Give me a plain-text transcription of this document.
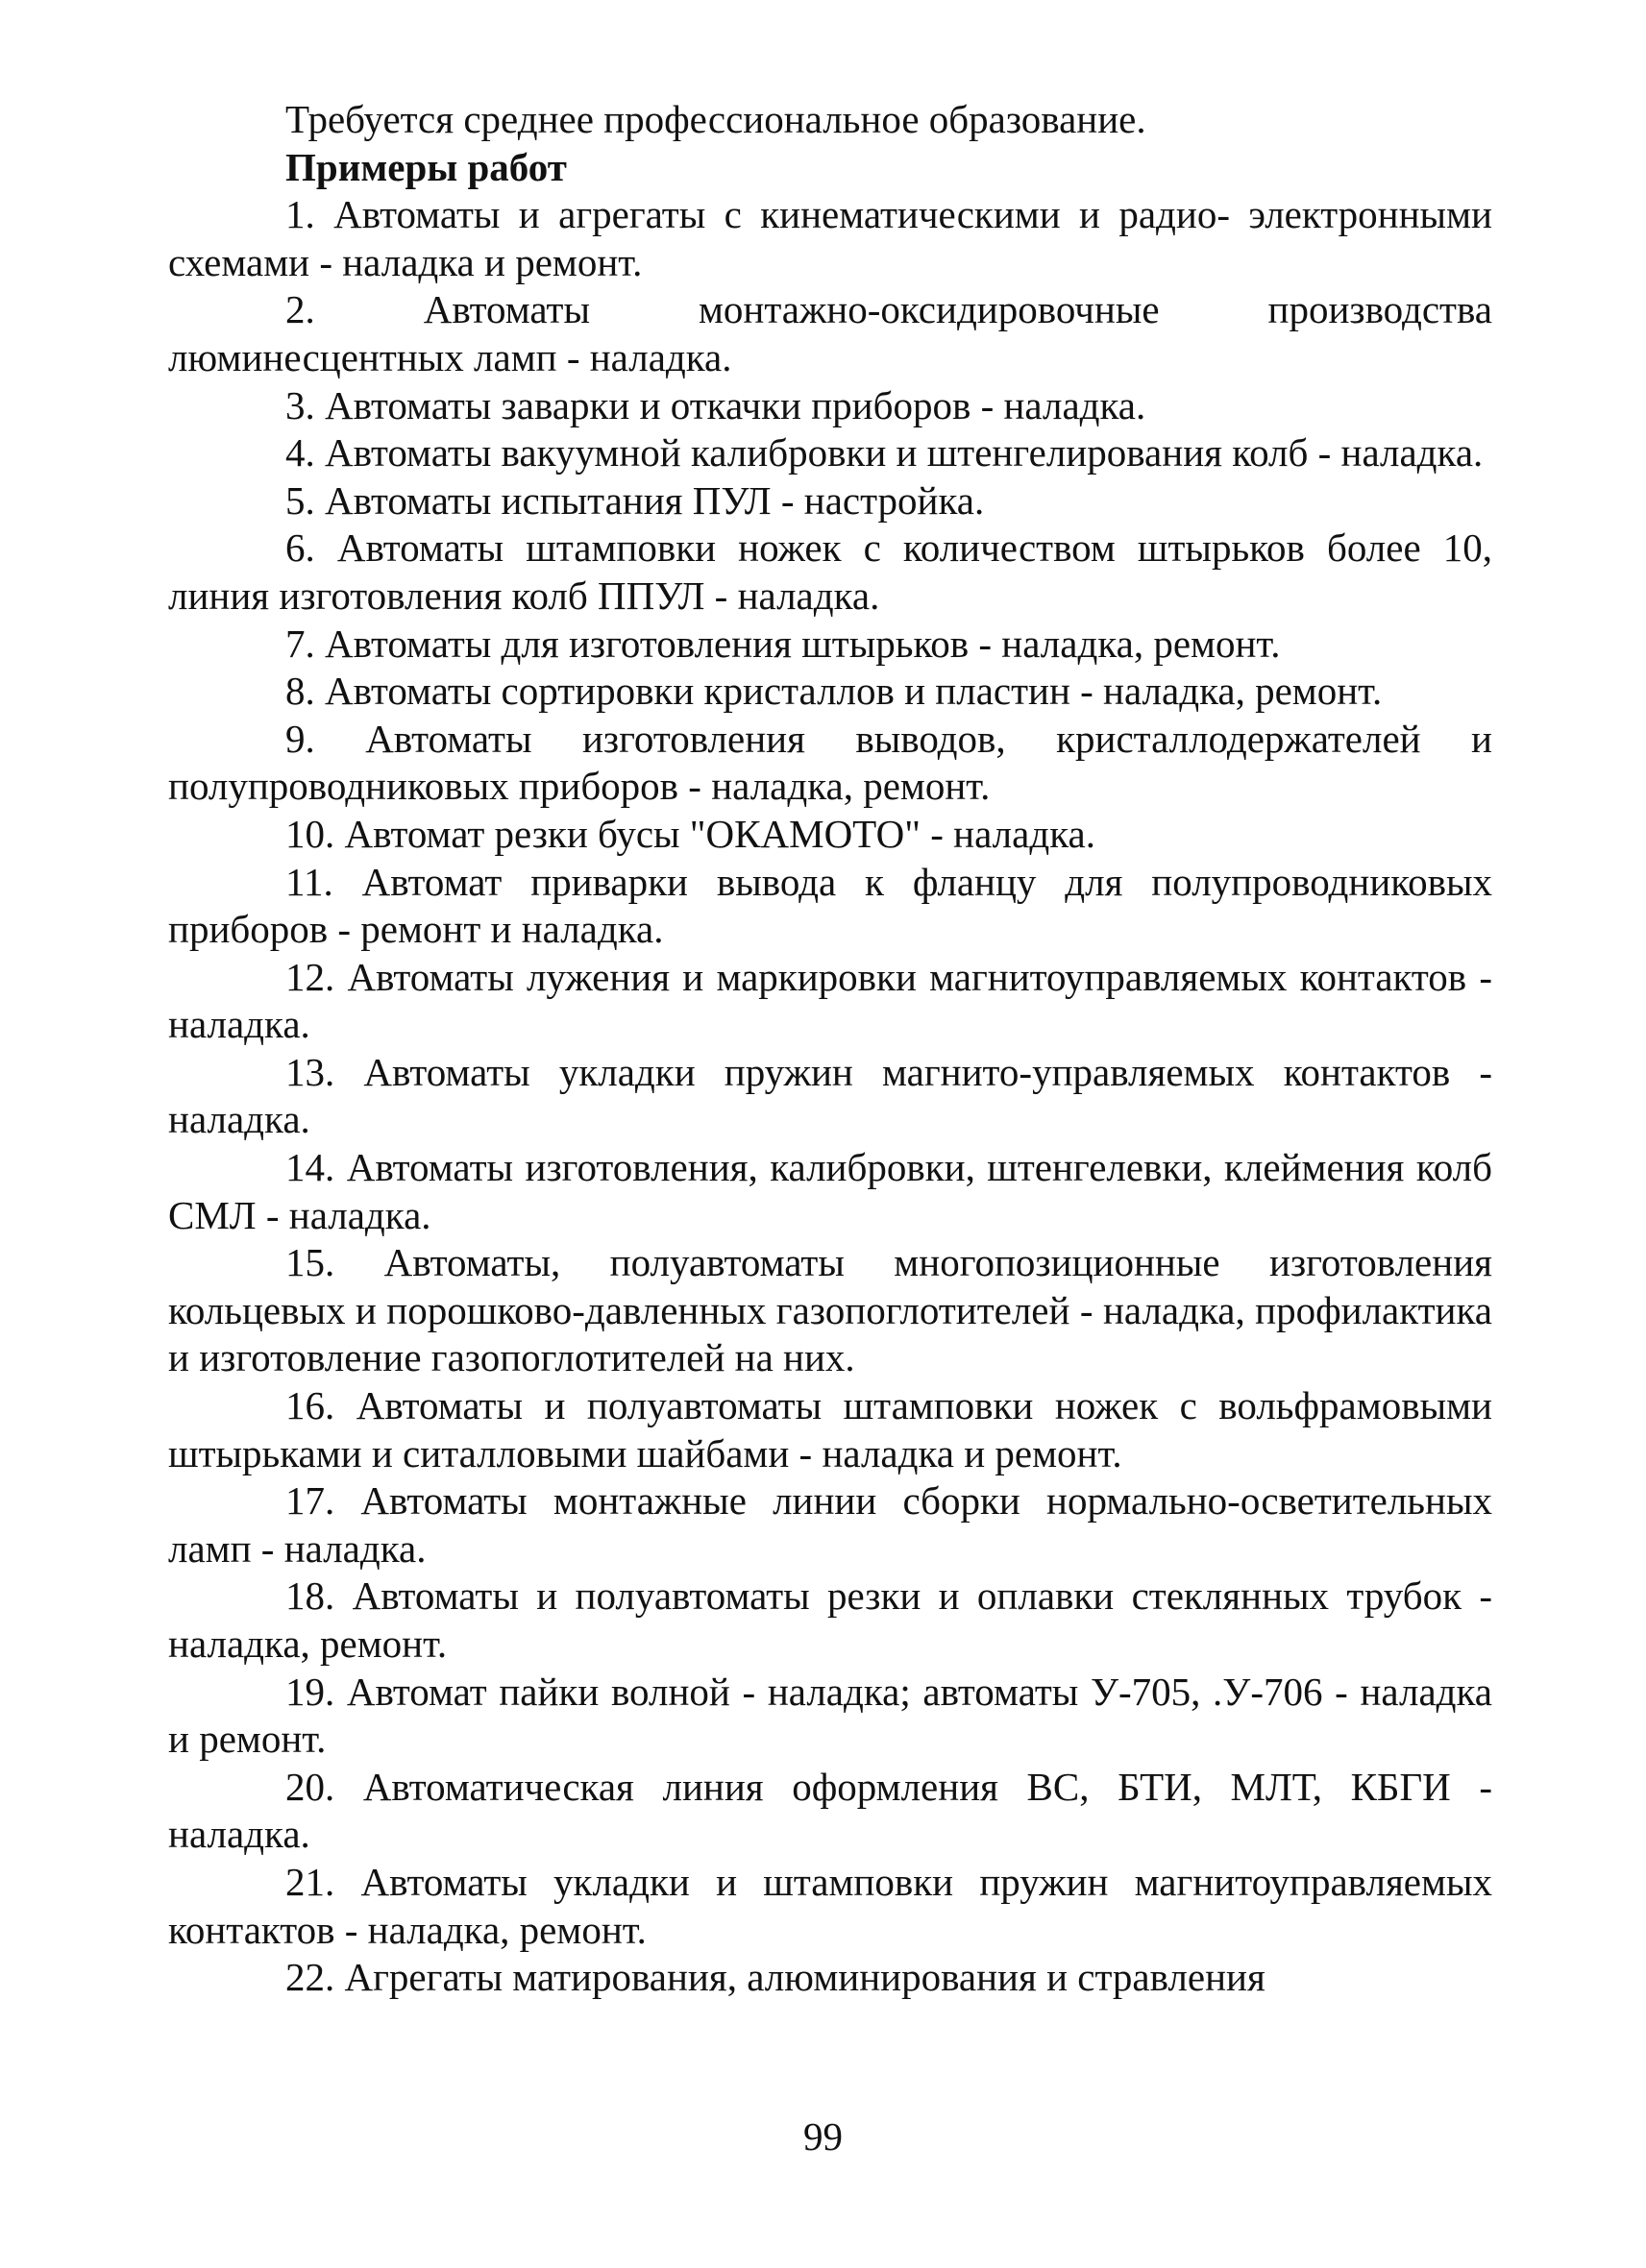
Требуется среднее профессиональное образование.

Примеры работ

1. Автоматы и агрегаты с кинематическими и радио- электронными схемами - наладка и ремонт.

2. Автоматы монтажно-оксидировочные производства люминесцентных ламп - наладка.

3. Автоматы заварки и откачки приборов - наладка.

4. Автоматы вакуумной калибровки и штенгелирования колб - наладка.

5. Автоматы испытания ПУЛ - настройка.

6. Автоматы штамповки ножек с количеством штырьков более 10, линия изготовления колб ППУЛ - наладка.

7. Автоматы для изготовления штырьков - наладка, ремонт.

8. Автоматы сортировки кристаллов и пластин - наладка, ремонт.

9. Автоматы изготовления выводов, кристаллодержателей и полупроводниковых приборов - наладка, ремонт.

10. Автомат резки бусы "ОКАМОТО" - наладка.

11. Автомат приварки вывода к фланцу для полупроводниковых приборов - ремонт и наладка.

12. Автоматы лужения и маркировки магнитоуправляемых контактов - наладка.

13. Автоматы укладки пружин магнито-управляемых контактов - наладка.

14. Автоматы изготовления, калибровки, штенгелевки, клеймения колб СМЛ - наладка.

15. Автоматы, полуавтоматы многопозиционные изготовления кольцевых и порошково-давленных газопоглотителей - наладка, профилактика и изготовление газопоглотителей на них.

16. Автоматы и полуавтоматы штамповки ножек с вольфрамовыми штырьками и ситалловыми шайбами - наладка и ремонт.

17. Автоматы монтажные линии сборки нормально-осветительных ламп - наладка.

18. Автоматы и полуавтоматы резки и оплавки стеклянных трубок - наладка, ремонт.

19. Автомат пайки волной - наладка; автоматы У-705, .У-706 - наладка и ремонт.

20. Автоматическая линия оформления ВС, БТИ, МЛТ, КБГИ - наладка.

21. Автоматы укладки и штамповки пружин магнитоуправляемых контактов - наладка, ремонт.

22. Агрегаты матирования, алюминирования и стравления

99
